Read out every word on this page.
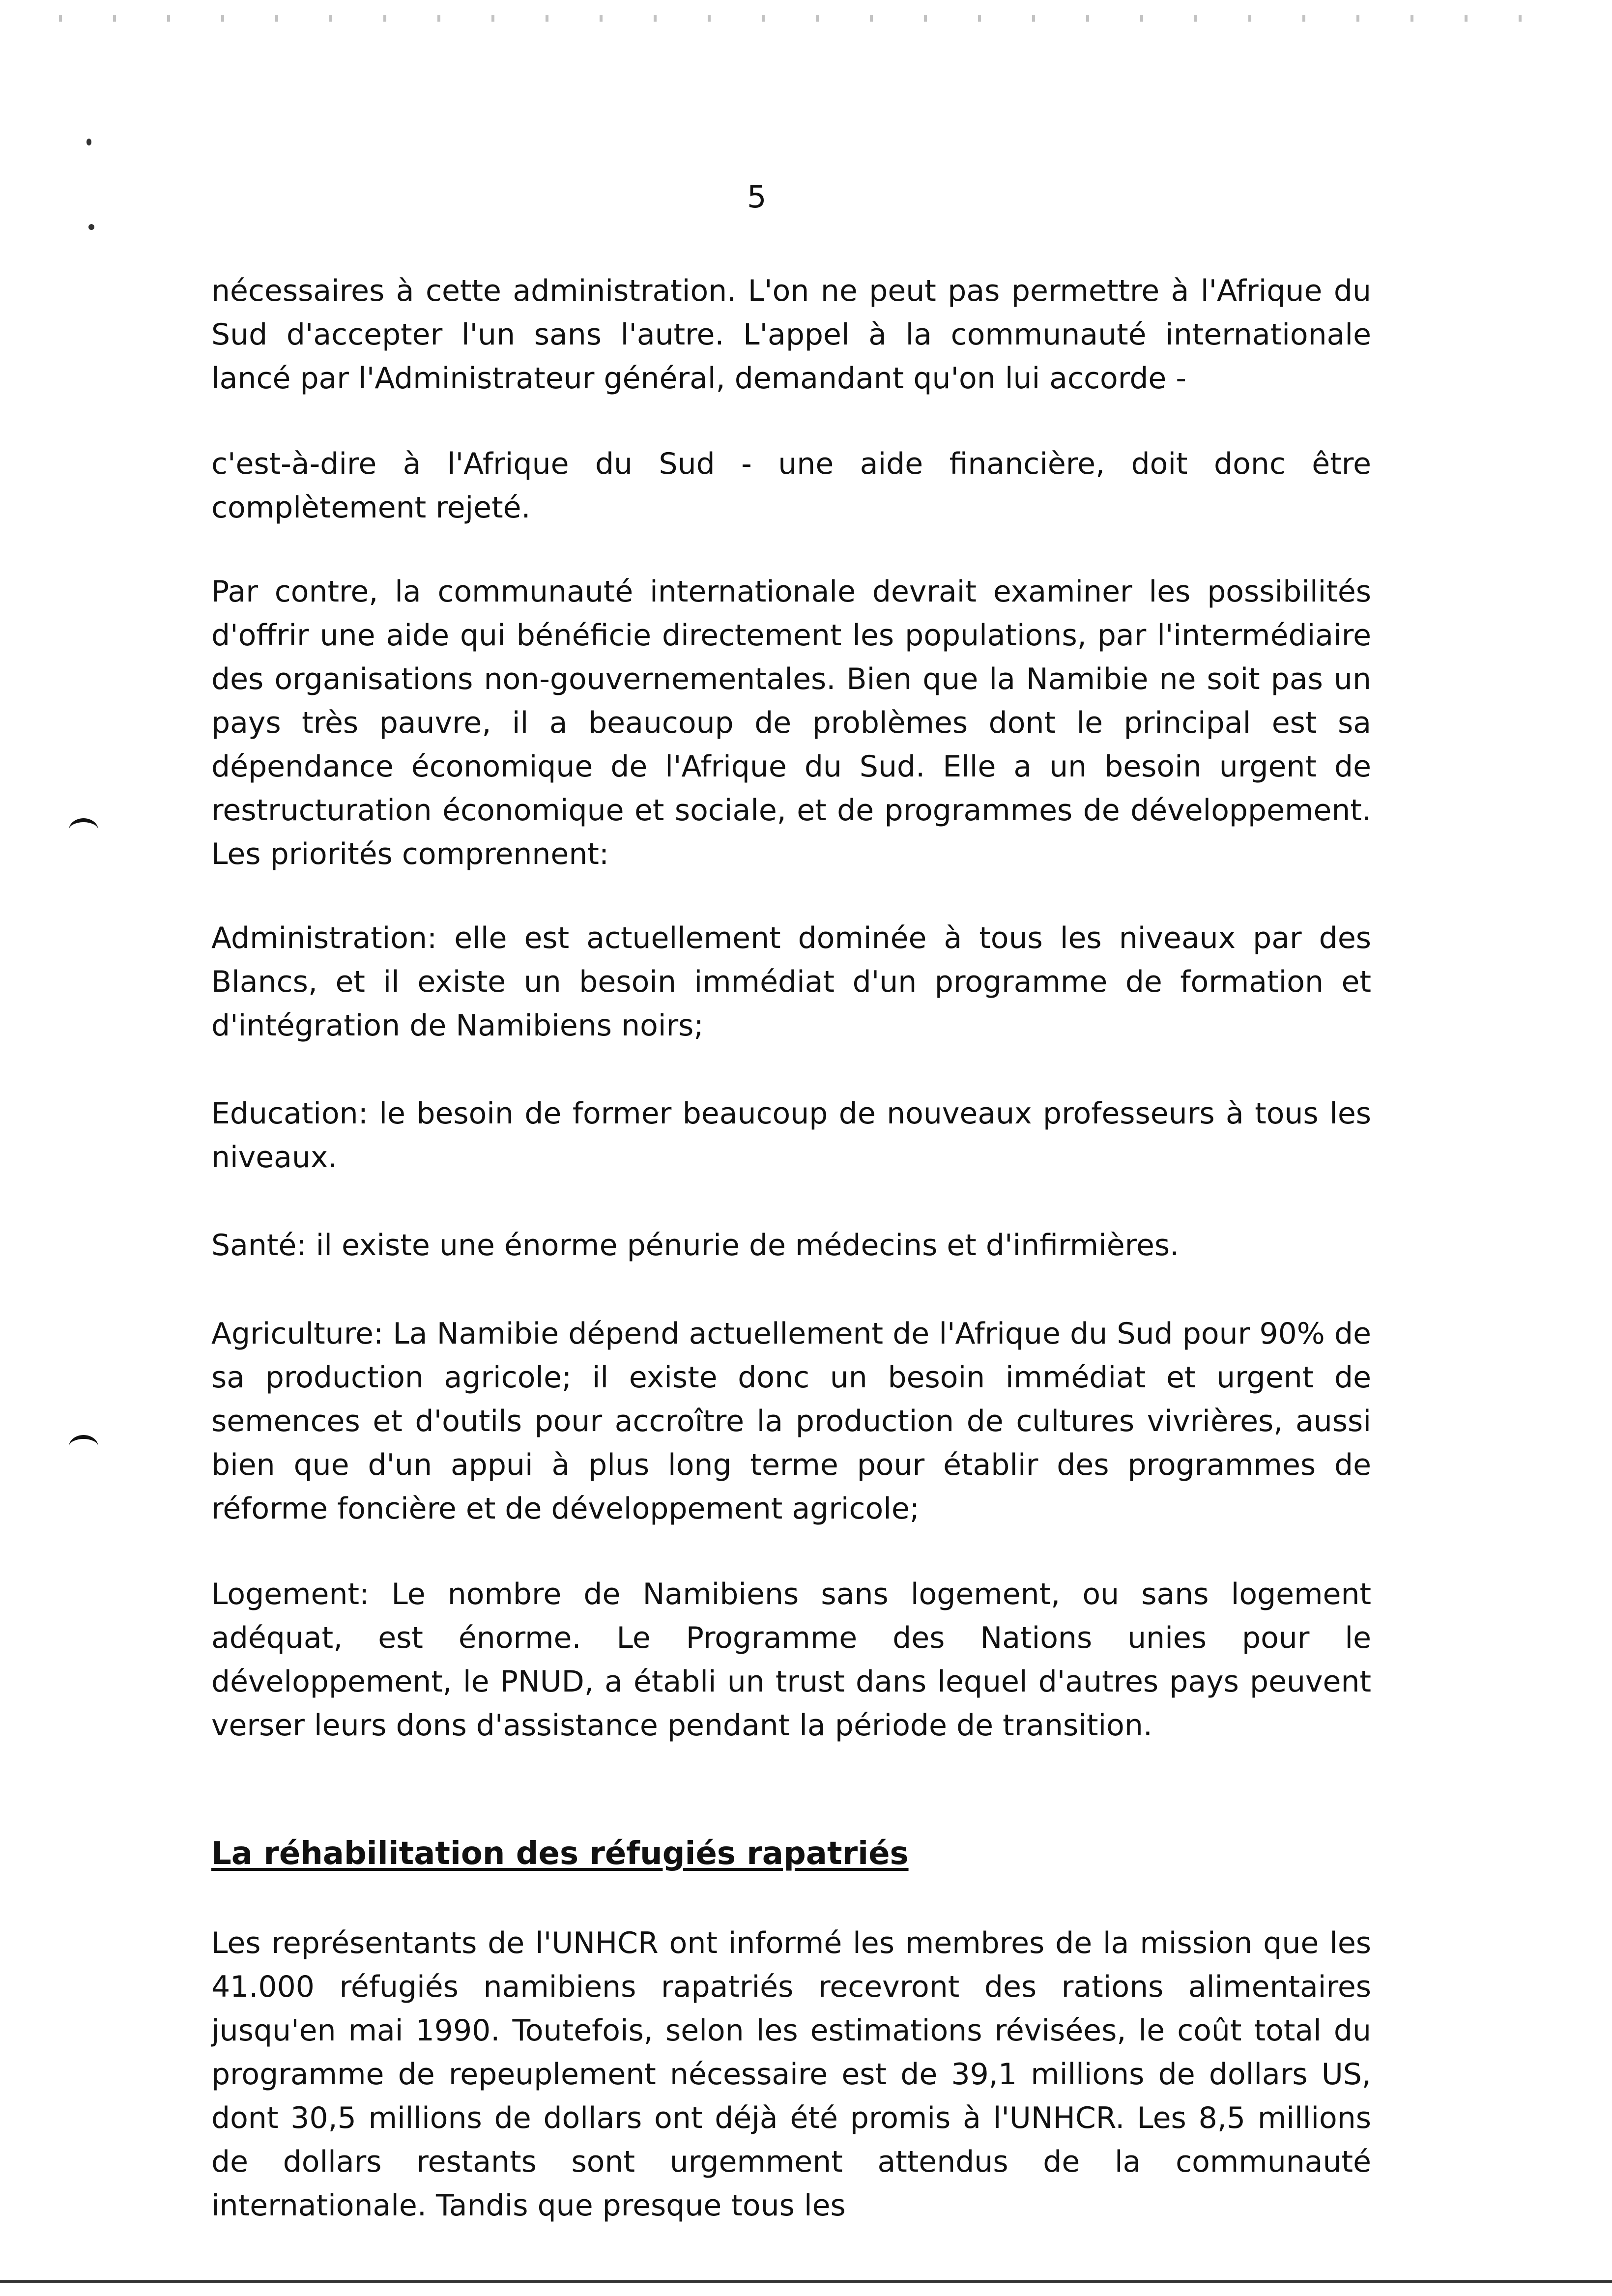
5

nécessaires à cette administration. L'on ne peut pas permettre à l'Afrique du Sud d'accepter l'un sans l'autre. L'appel à la communauté internationale lancé par l'Administrateur général, demandant qu'on lui accorde -

c'est-à-dire à l'Afrique du Sud - une aide financière, doit donc être complètement rejeté.

Par contre, la communauté internationale devrait examiner les possibilités d'offrir une aide qui bénéficie directement les populations, par l'intermédiaire des organisations non-gouvernementales. Bien que la Namibie ne soit pas un pays très pauvre, il a beaucoup de problèmes dont le principal est sa dépendance économique de l'Afrique du Sud. Elle a un besoin urgent de restructuration économique et sociale, et de programmes de développement. Les priorités comprennent:

Administration: elle est actuellement dominée à tous les niveaux par des Blancs, et il existe un besoin immédiat d'un programme de formation et d'intégration de Namibiens noirs;

Education: le besoin de former beaucoup de nouveaux professeurs à tous les niveaux.

Santé: il existe une énorme pénurie de médecins et d'infirmières.

Agriculture: La Namibie dépend actuellement de l'Afrique du Sud pour 90% de sa production agricole; il existe donc un besoin immédiat et urgent de semences et d'outils pour accroître la production de cultures vivrières, aussi bien que d'un appui à plus long terme pour établir des programmes de réforme foncière et de développement agricole;

Logement: Le nombre de Namibiens sans logement, ou sans logement adéquat, est énorme. Le Programme des Nations unies pour le développement, le PNUD, a établi un trust dans lequel d'autres pays peuvent verser leurs dons d'assistance pendant la période de transition.

La réhabilitation des réfugiés rapatriés

Les représentants de l'UNHCR ont informé les membres de la mission que les 41.000 réfugiés namibiens rapatriés recevront des rations alimentaires jusqu'en mai 1990. Toutefois, selon les estimations révisées, le coût total du programme de repeuplement nécessaire est de 39,1 millions de dollars US, dont 30,5 millions de dollars ont déjà été promis à l'UNHCR. Les 8,5 millions de dollars restants sont urgemment attendus de la communauté internationale. Tandis que presque tous les
